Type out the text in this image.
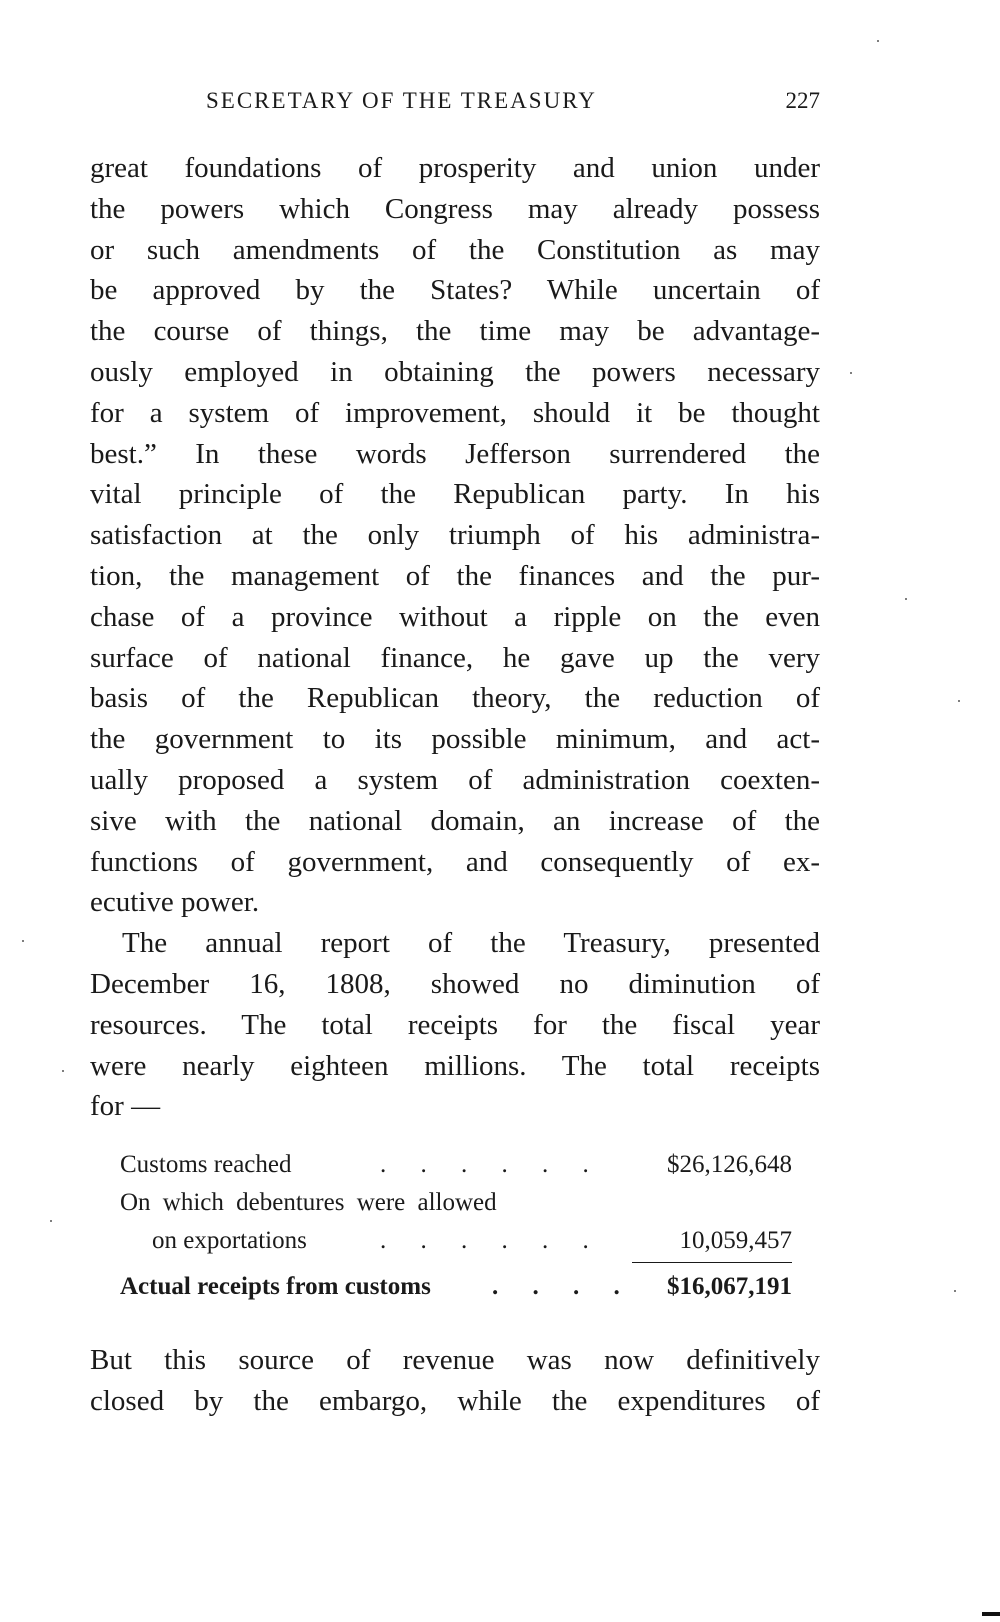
SECRETARY OF THE TREASURY	227
great foundations of prosperity and union under
the powers which Congress may already possess
or such amendments of the Constitution as may
be approved by the States? While uncertain of
the course of things, the time may be advantage-
ously employed in obtaining the powers necessary
for a system of improvement, should it be thought
best.” In these words Jefferson surrendered the
vital principle of the Republican party. In his
satisfaction at the only triumph of his administra-
tion, the management of the finances and the pur-
chase of a province without a ripple on the even
surface of national finance, he gave up the very
basis of the Republican theory, the reduction of
the government to its possible minimum, and act-
ually proposed a system of administration coexten-
sive with the national domain, an increase of the
functions of government, and consequently of ex-
ecutive power.
The annual report of the Treasury, presented
December 16, 1808, showed no diminution of
resources. The total receipts for the fiscal year
were nearly eighteen millions. The total receipts
for —
Customs reached	. . . . . .	$26,126,648
On which debentures were allowed
on exportations	. . . . . .	10,059,457
Actual receipts from customs . . . . $16,067,191
But this source of revenue was now definitively
closed by the embargo, while the expenditures of
